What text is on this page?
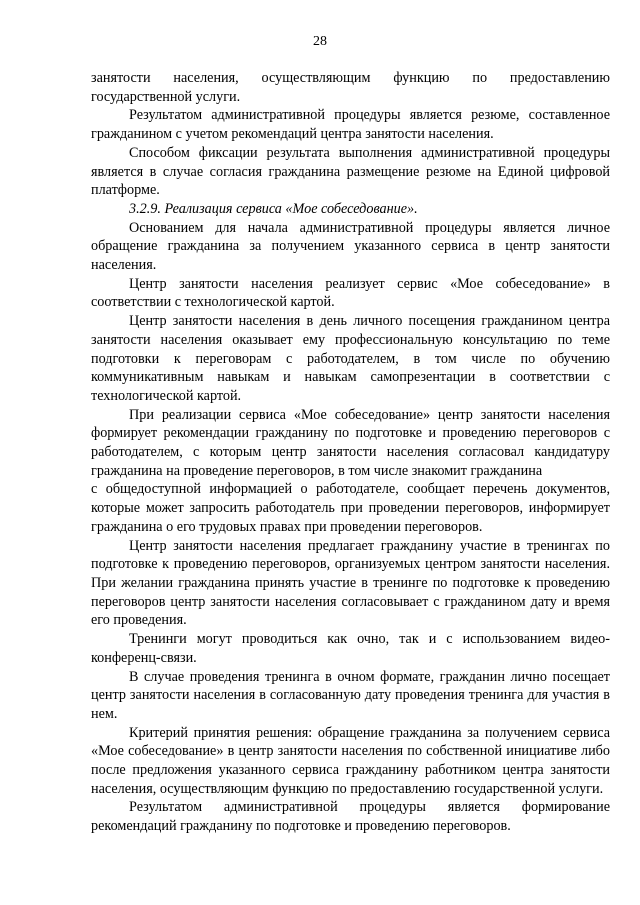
28

занятости населения, осуществляющим функцию по предоставлению государственной услуги.

Результатом административной процедуры является резюме, составленное гражданином с учетом рекомендаций центра занятости населения.

Способом фиксации результата выполнения административной процедуры является в случае согласия гражданина размещение резюме на Единой цифровой платформе.

3.2.9. Реализация сервиса «Мое собеседование».

Основанием для начала административной процедуры является личное обращение гражданина за получением указанного сервиса в центр занятости населения.

Центр занятости населения реализует сервис «Мое собеседование» в соответствии с технологической картой.

Центр занятости населения в день личного посещения гражданином центра занятости населения оказывает ему профессиональную консультацию по теме подготовки к переговорам с работодателем, в том числе по обучению коммуникативным навыкам и навыкам самопрезентации в соответствии с технологической картой.

При реализации сервиса «Мое собеседование» центр занятости населения формирует рекомендации гражданину по подготовке и проведению переговоров с работодателем, с которым центр занятости населения согласовал кандидатуру гражданина на проведение переговоров, в том числе знакомит гражданина

с общедоступной информацией о работодателе, сообщает перечень документов, которые может запросить работодатель при проведении переговоров, информирует гражданина о его трудовых правах при проведении переговоров.

Центр занятости населения предлагает гражданину участие в тренингах по подготовке к проведению переговоров, организуемых центром занятости населения. При желании гражданина принять участие в тренинге по подготовке к проведению переговоров центр занятости населения согласовывает с гражданином дату и время его проведения.

Тренинги могут проводиться как очно, так и с использованием видео-конференц-связи.

В случае проведения тренинга в очном формате, гражданин лично посещает центр занятости населения в согласованную дату проведения тренинга для участия в нем.

Критерий принятия решения: обращение гражданина за получением сервиса «Мое собеседование» в центр занятости населения по собственной инициативе либо после предложения указанного сервиса гражданину работником центра занятости населения, осуществляющим функцию по предоставлению государственной услуги.

Результатом административной процедуры является формирование рекомендаций гражданину по подготовке и проведению переговоров.
